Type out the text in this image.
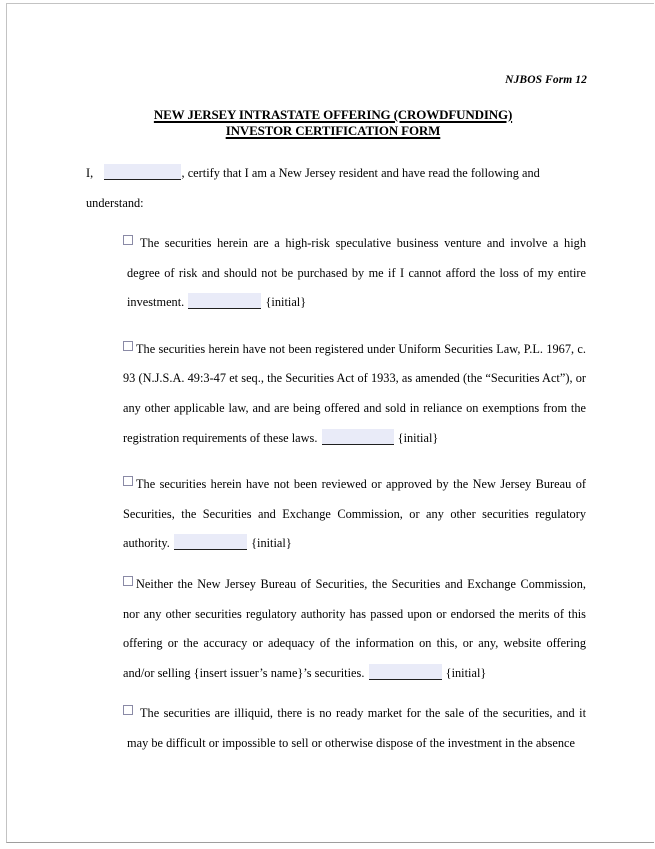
NJBOS Form 12
NEW JERSEY INTRASTATE OFFERING (CROWDFUNDING)
INVESTOR CERTIFICATION FORM

I,	, certify that I am a New Jersey resident and have read the following and

understand:

The securities herein are a high-risk speculative business venture and involve a high degree of risk and should not be purchased by me if I cannot afford the loss of my entire investment.	{initial}

The securities herein have not been registered under Uniform Securities Law, P.L. 1967, c. 93 (N.J.S.A. 49:3-47 et seq., the Securities Act of 1933, as amended (the “Securities Act”), or any other applicable law, and are being offered and sold in reliance on exemptions from the registration requirements of these laws.	{initial}

The securities herein have not been reviewed or approved by the New Jersey Bureau of Securities, the Securities and Exchange Commission, or any other securities regulatory authority.	{initial}

Neither the New Jersey Bureau of Securities, the Securities and Exchange Commission, nor any other securities regulatory authority has passed upon or endorsed the merits of this offering or the accuracy or adequacy of the information on this, or any, website offering and/or selling {insert issuer’s name}’s securities.	{initial}

The securities are illiquid, there is no ready market for the sale of the securities, and it may be difficult or impossible to sell or otherwise dispose of the investment in the absence
